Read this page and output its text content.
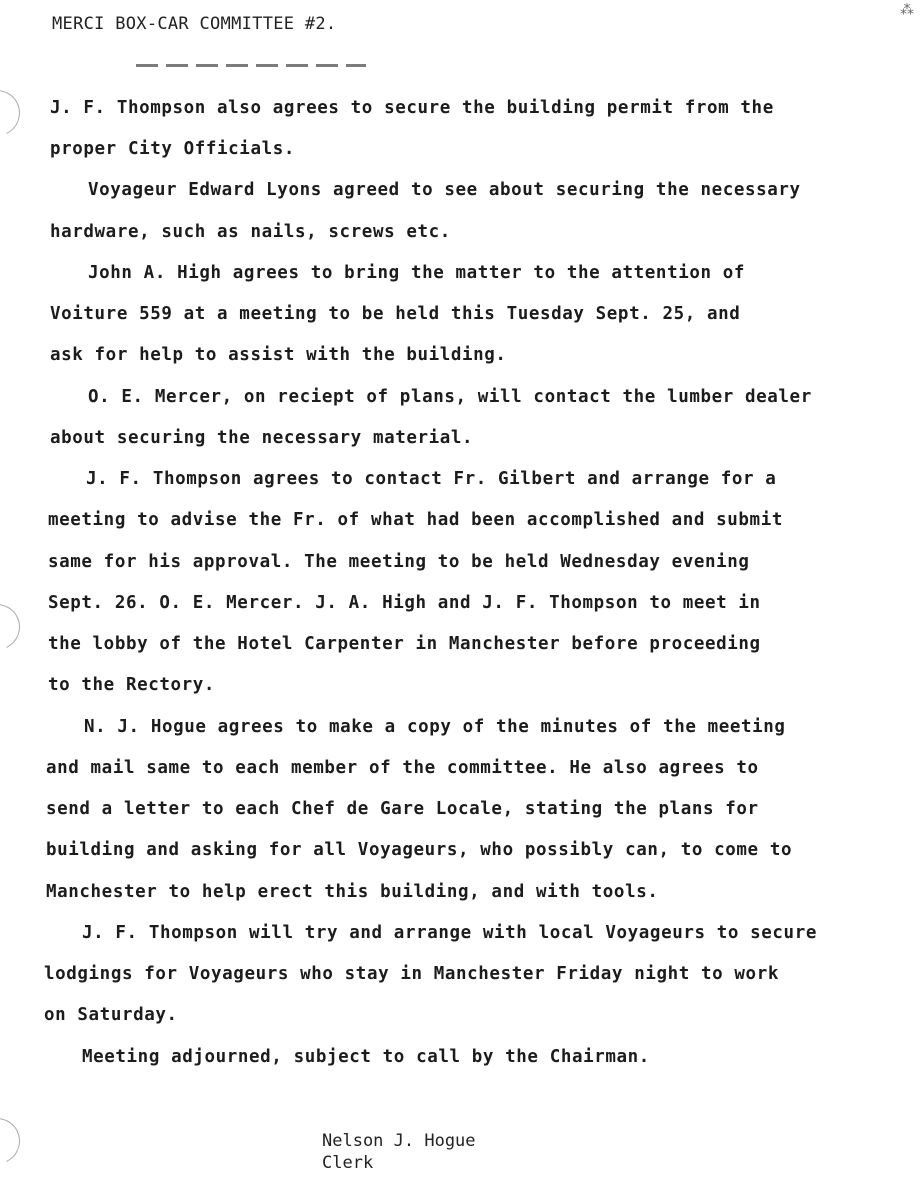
⁂
MERCI BOX-CAR COMMITTEE #2.
J. F. Thompson also agrees to secure the building permit from the
proper City Officials.
Voyageur Edward Lyons agreed to see about securing the necessary
hardware, such as nails, screws etc.
John A. High agrees to bring the matter to the attention of
Voiture 559 at a meeting to be held this Tuesday Sept. 25, and
ask for help to assist with the building.
O. E. Mercer, on reciept of plans, will contact the lumber dealer
about securing the necessary material.
J. F. Thompson agrees to contact Fr. Gilbert and arrange for a
meeting to advise the Fr. of what had been accomplished and submit
same for his approval. The meeting to be held Wednesday evening
Sept. 26. O. E. Mercer. J. A. High and J. F. Thompson to meet in
the lobby of the Hotel Carpenter in Manchester before proceeding
to the Rectory.
N. J. Hogue agrees to make a copy of the minutes of the meeting
and mail same to each member of the committee. He also agrees to
send a letter to each Chef de Gare Locale, stating the plans for
building and asking for all Voyageurs, who possibly can, to come to
Manchester to help erect this building, and with tools.
J. F. Thompson will try and arrange with local Voyageurs to secure
lodgings for Voyageurs who stay in Manchester Friday night to work
on Saturday.
Meeting adjourned, subject to call by the Chairman.
Nelson J. Hogue
Clerk
